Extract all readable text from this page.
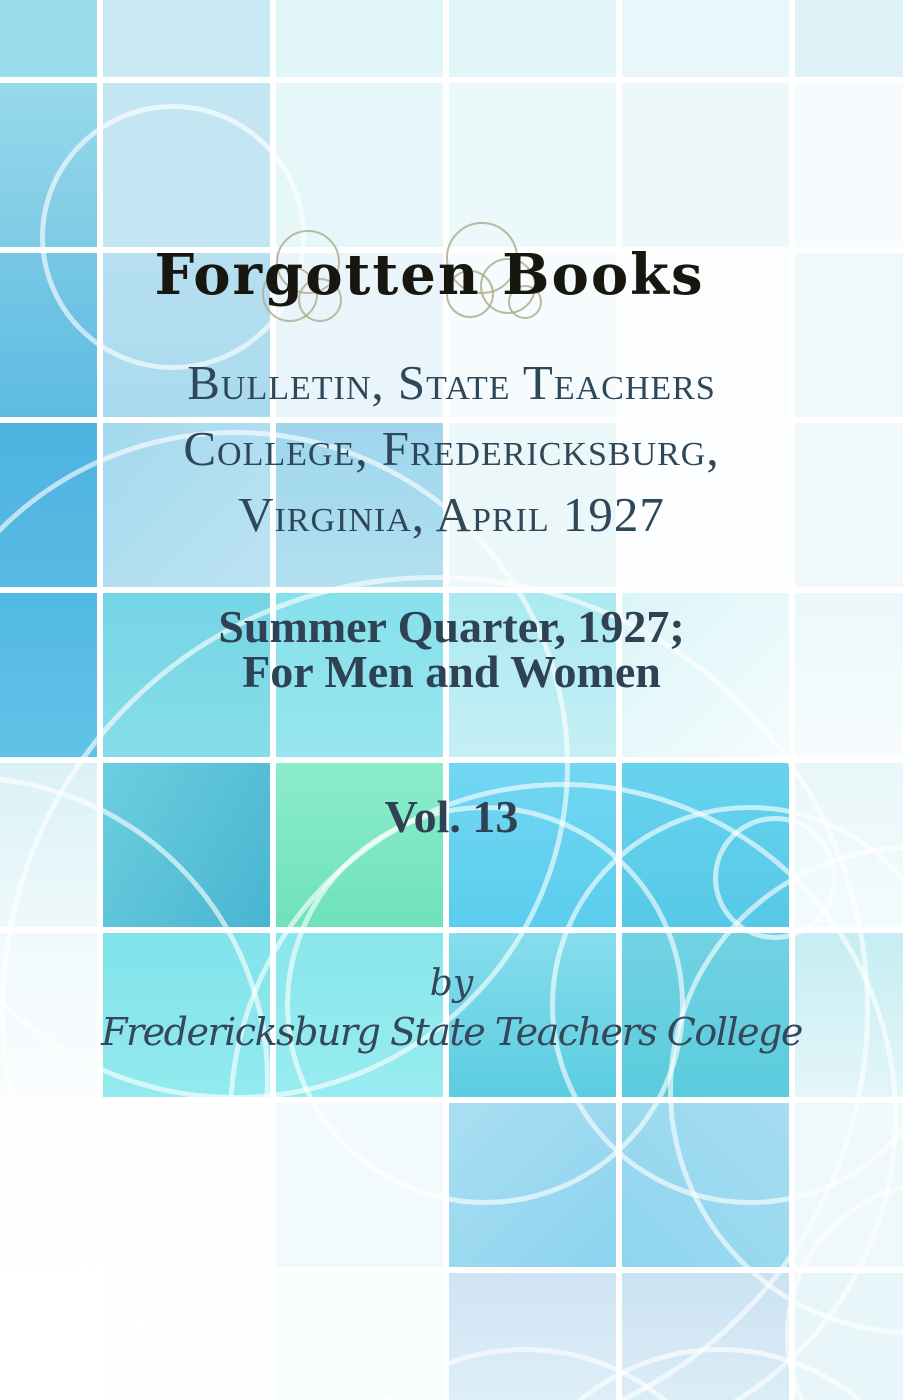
Forgotten Books
Bulletin, State Teachers
College, Fredericksburg,
Virginia, April 1927
Summer Quarter, 1927;
For Men and Women
Vol. 13
by
Fredericksburg State Teachers College
